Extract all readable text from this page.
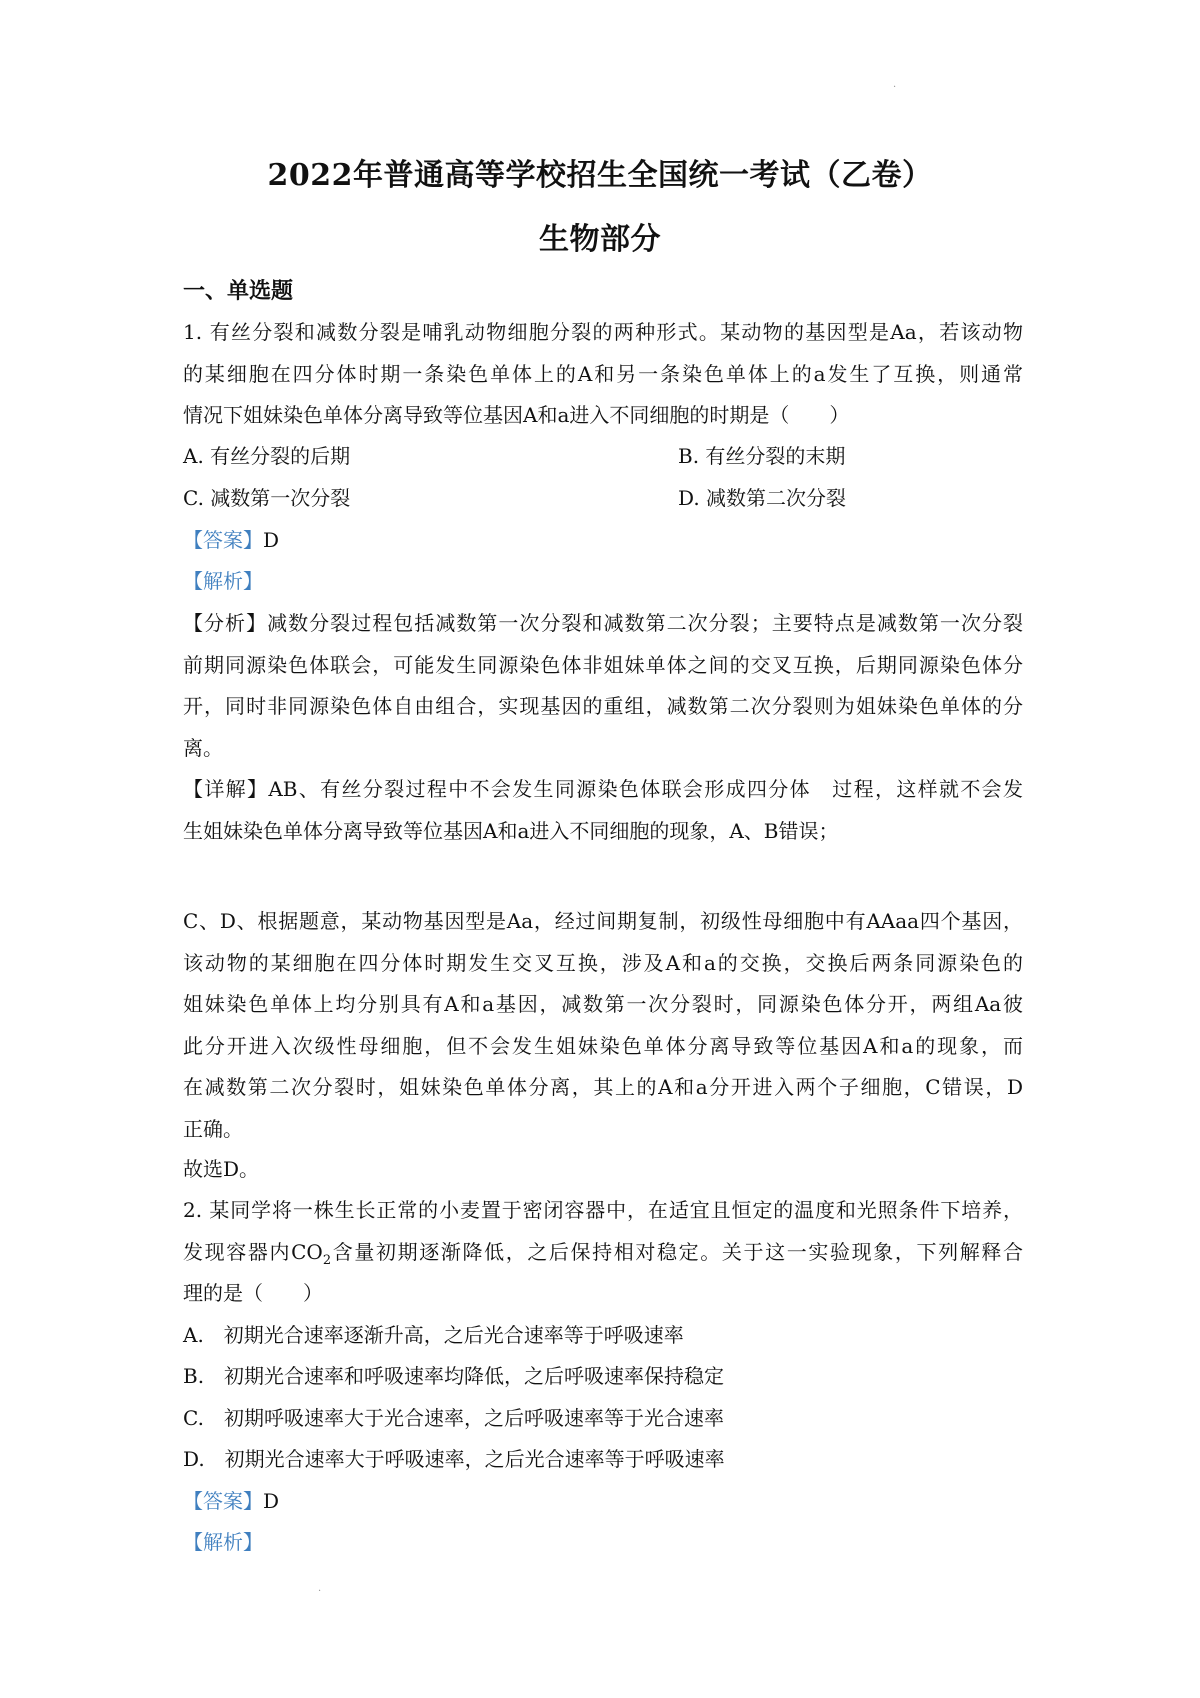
·
2022年普通高等学校招生全国统一考试（乙卷）
生物部分
一、单选题
1. 有丝分裂和减数分裂是哺乳动物细胞分裂的两种形式。某动物的基因型是Aa，若该动物
的某细胞在四分体时期一条染色单体上的A和另一条染色单体上的a发生了互换，则通常
情况下姐妹染色单体分离导致等位基因A和a进入不同细胞的时期是（　　）
A. 有丝分裂的后期	B. 有丝分裂的末期
C. 减数第一次分裂	D. 减数第二次分裂
【答案】D
【解析】
【分析】减数分裂过程包括减数第一次分裂和减数第二次分裂；主要特点是减数第一次分裂
前期同源染色体联会，可能发生同源染色体非姐妹单体之间的交叉互换，后期同源染色体分
开，同时非同源染色体自由组合，实现基因的重组，减数第二次分裂则为姐妹染色单体的分
离。
【详解】AB、有丝分裂过程中不会发生同源染色体联会形成四分体　过程，这样就不会发
生姐妹染色单体分离导致等位基因A和a进入不同细胞的现象，A、B错误；
C、D、根据题意，某动物基因型是Aa，经过间期复制，初级性母细胞中有AAaa四个基因，
该动物的某细胞在四分体时期发生交叉互换，涉及A和a的交换，交换后两条同源染色的
姐妹染色单体上均分别具有A和a基因，减数第一次分裂时，同源染色体分开，两组Aa彼
此分开进入次级性母细胞，但不会发生姐妹染色单体分离导致等位基因A和a的现象，而
在减数第二次分裂时，姐妹染色单体分离，其上的A和a分开进入两个子细胞，C错误，D
正确。
故选D。
2. 某同学将一株生长正常的小麦置于密闭容器中，在适宜且恒定的温度和光照条件下培养，
发现容器内$CO_2$含量初期逐渐降低，之后保持相对稳定。关于这一实验现象，下列解释合
理的是（　　）
A.　初期光合速率逐渐升高，之后光合速率等于呼吸速率
B.　初期光合速率和呼吸速率均降低，之后呼吸速率保持稳定
C.　初期呼吸速率大于光合速率，之后呼吸速率等于光合速率
D.　初期光合速率大于呼吸速率，之后光合速率等于呼吸速率
【答案】D
【解析】
·
